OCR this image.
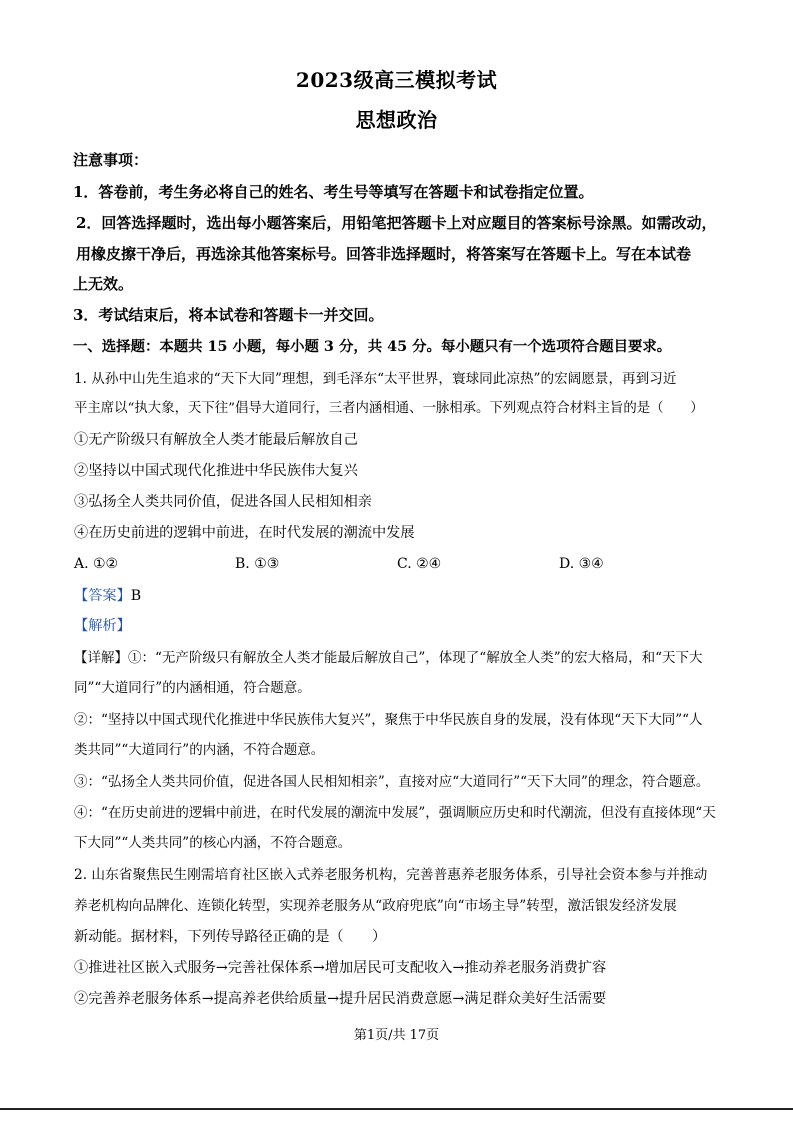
2023级高三模拟考试
思想政治
注意事项：
1．答卷前，考生务必将自己的姓名、考生号等填写在答题卡和试卷指定位置。
2．回答选择题时，选出每小题答案后，用铅笔把答题卡上对应题目的答案标号涂黑。如需改动，
用橡皮擦干净后，再选涂其他答案标号。回答非选择题时，将答案写在答题卡上。写在本试卷
上无效。
3．考试结束后，将本试卷和答题卡一并交回。
一、选择题：本题共 15 小题，每小题 3 分，共 45 分。每小题只有一个选项符合题目要求。
1. 从孙中山先生追求的“天下大同”理想，到毛泽东“太平世界，寰球同此凉热”的宏阔愿景，再到习近
平主席以“执大象，天下往”倡导大道同行，三者内涵相通、一脉相承。下列观点符合材料主旨的是（　　）
①无产阶级只有解放全人类才能最后解放自己
②坚持以中国式现代化推进中华民族伟大复兴
③弘扬全人类共同价值，促进各国人民相知相亲
④在历史前进的逻辑中前进，在时代发展的潮流中发展
A. ①②	B. ①③	C. ②④	D. ③④
【答案】B
【解析】
【详解】①：“无产阶级只有解放全人类才能最后解放自己”，体现了“解放全人类”的宏大格局，和“天下大
同”“大道同行”的内涵相通，符合题意。
②：“坚持以中国式现代化推进中华民族伟大复兴”，聚焦于中华民族自身的发展，没有体现“天下大同”“人
类共同”“大道同行”的内涵，不符合题意。
③：“弘扬全人类共同价值，促进各国人民相知相亲”，直接对应“大道同行”“天下大同”的理念，符合题意。
④：“在历史前进的逻辑中前进，在时代发展的潮流中发展”，强调顺应历史和时代潮流，但没有直接体现“天
下大同”“人类共同”的核心内涵，不符合题意。
2. 山东省聚焦民生刚需培育社区嵌入式养老服务机构，完善普惠养老服务体系，引导社会资本参与并推动
养老机构向品牌化、连锁化转型，实现养老服务从“政府兜底”向“市场主导”转型，激活银发经济发展
新动能。据材料，下列传导路径正确的是（　　）
①推进社区嵌入式服务→完善社保体系→增加居民可支配收入→推动养老服务消费扩容
②完善养老服务体系→提高养老供给质量→提升居民消费意愿→满足群众美好生活需要
第1页/共 17页
